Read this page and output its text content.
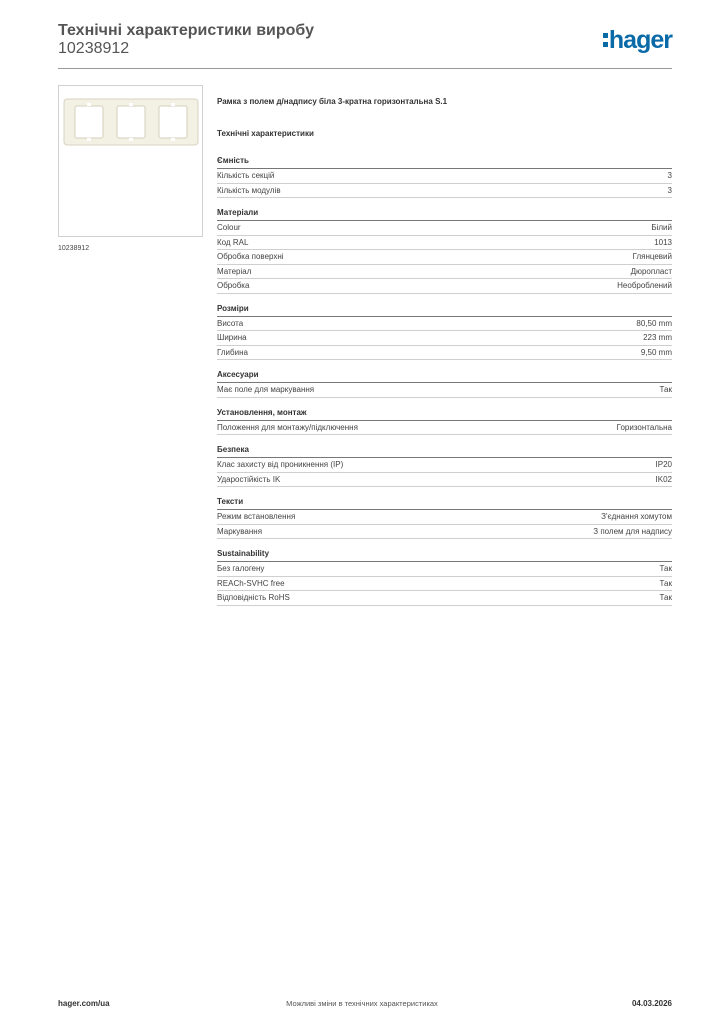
Технічні характеристики виробу
10238912	hager
10238912
Рамка з полем д/надпису біла 3-кратна горизонтальна S.1
Технічні характеристики
Ємність
Кількість секцій	3
Кількість модулів	3
Матеріали
Colour	Білий
Код RAL	1013
Обробка поверхні	Глянцевий
Матеріал	Дюропласт
Обробка	Необроблений
Розміри
Висота	80,50 mm
Ширина	223 mm
Глибина	9,50 mm
Аксесуари
Має поле для маркування	Так
Установлення, монтаж
Положення для монтажу/підключення	Горизонтальна
Безпека
Клас захисту від проникнення (IP)	IP20
Ударостійкість IK	IK02
Тексти
Режим встановлення	З'єднання хомутом
Маркування	З полем для надпису
Sustainability
Без галогену	Так
REACh-SVHC free	Так
Відповідність RoHS	Так
hager.com/ua	Можливі зміни в технічних характеристиках	04.03.2026
